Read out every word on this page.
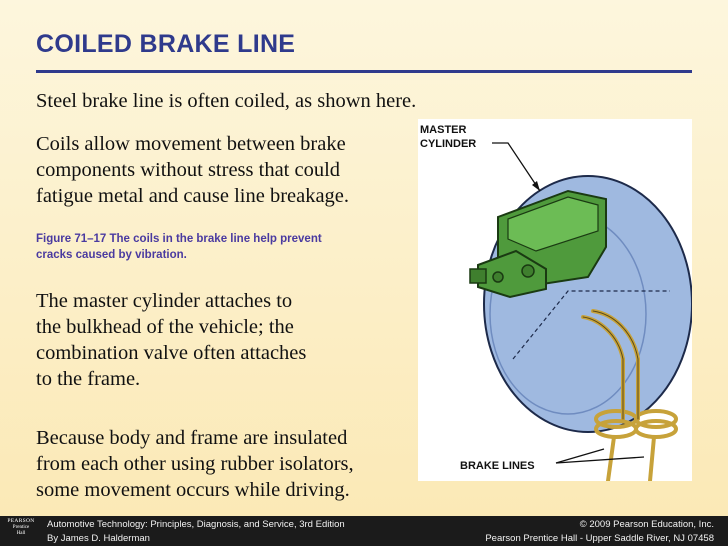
COILED BRAKE LINE
Steel brake line is often coiled, as shown here.
Coils allow movement between brake
components without stress that could
fatigue metal and cause line breakage.
Figure 71–17 The coils in the brake line help prevent
cracks caused by vibration.
The master cylinder attaches to
the bulkhead of the vehicle; the
combination valve often attaches
to the frame.
Because body and frame are insulated
from each other using rubber isolators,
some movement occurs while driving.
MASTER
CYLINDER
BRAKE LINES
PEARSON
Prentice
Hall
Automotive Technology: Principles, Diagnosis, and Service, 3rd Edition
By James D. Halderman
© 2009 Pearson Education, Inc.
Pearson Prentice Hall - Upper Saddle River, NJ 07458
